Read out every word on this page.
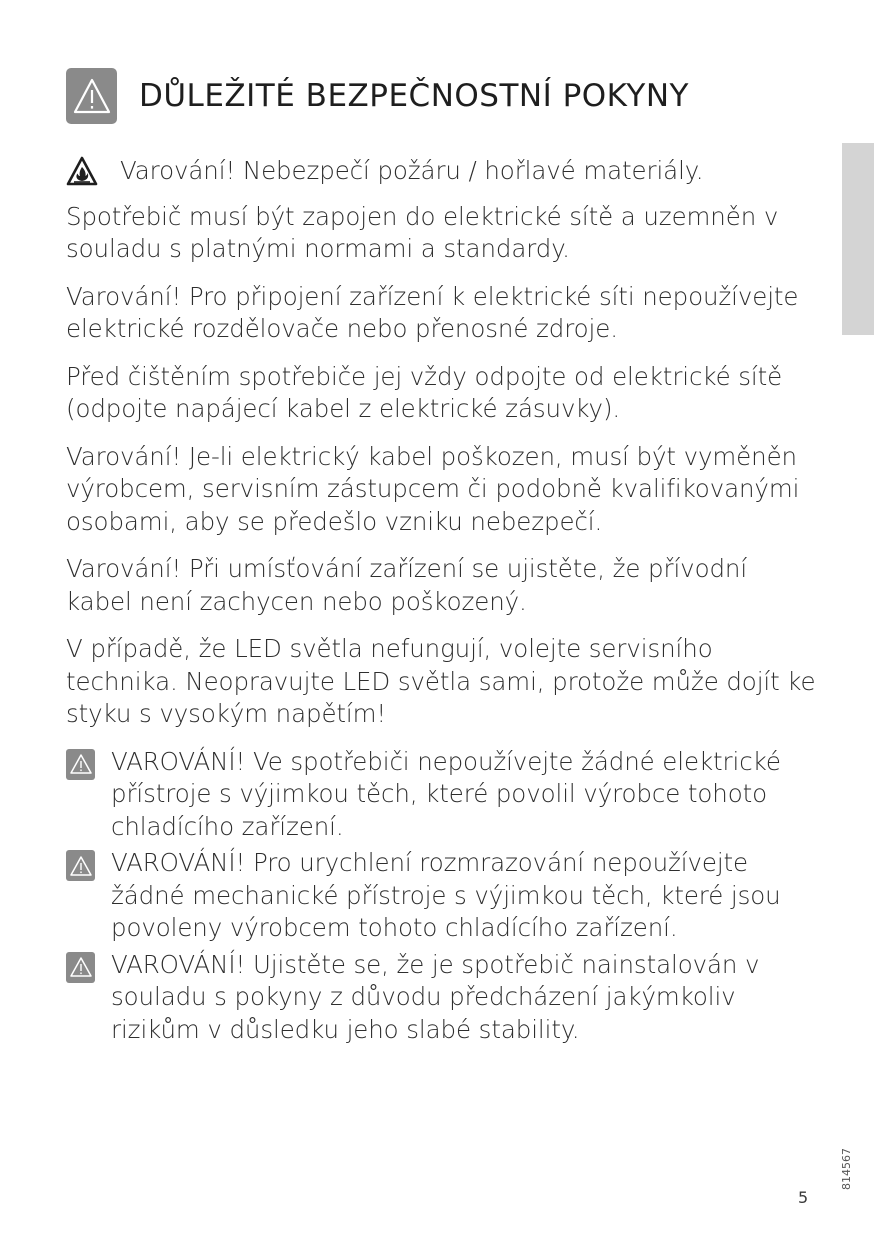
DŮLEŽITÉ BEZPEČNOSTNÍ POKYNY

Varování! Nebezpečí požáru / hořlavé materiály.

Spotřebič musí být zapojen do elektrické sítě a uzemněn v souladu s platnými normami a standardy.

Varování! Pro připojení zařízení k elektrické síti nepoužívejte elektrické rozdělovače nebo přenosné zdroje.

Před čištěním spotřebiče jej vždy odpojte od elektrické sítě (odpojte napájecí kabel z elektrické zásuvky).

Varování! Je-li elektrický kabel poškozen, musí být vyměněn výrobcem, servisním zástupcem či podobně kvalifikovanými osobami, aby se předešlo vzniku nebezpečí.

Varování! Při umísťování zařízení se ujistěte, že přívodní kabel není zachycen nebo poškozený.

V případě, že LED světla nefungují, volejte servisního technika. Neopravujte LED světla sami, protože může dojít ke styku s vysokým napětím!

VAROVÁNÍ! Ve spotřebiči nepoužívejte žádné elektrické přístroje s výjimkou těch, které povolil výrobce tohoto chladícího zařízení.

VAROVÁNÍ! Pro urychlení rozmrazování nepoužívejte žádné mechanické přístroje s výjimkou těch, které jsou povoleny výrobcem tohoto chladícího zařízení.

VAROVÁNÍ! Ujistěte se, že je spotřebič nainstalován v souladu s pokyny z důvodu předcházení jakýmkoliv rizikům v důsledku jeho slabé stability.

5
814567
